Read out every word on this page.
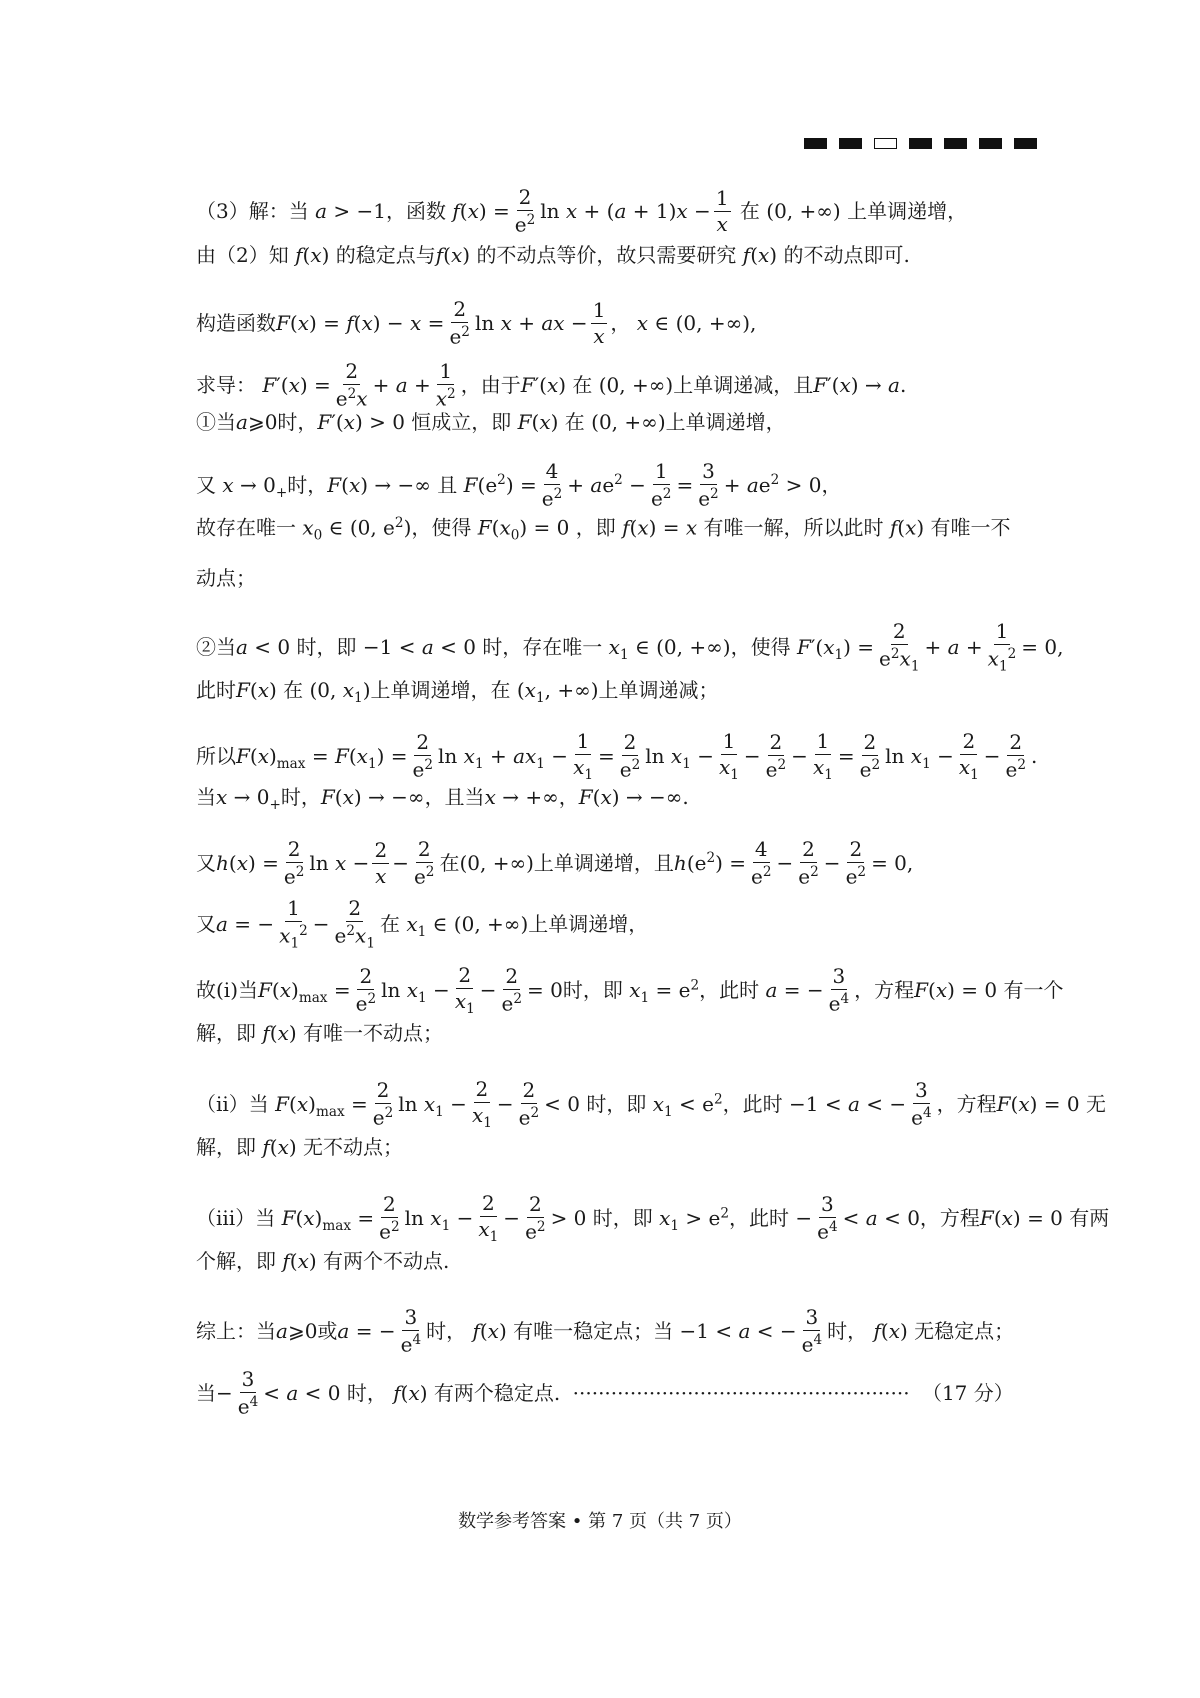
（3）解：当 a > −1，函数 $f(x) = \frac{2}{e^2}$ $\ln x + (a + 1)x - \frac{1}{x}$ 在 (0, +∞) 上单调递增，
由（2）知 f(x) 的稳定点与f(x) 的不动点等价，故只需要研究 f(x) 的不动点即可.
构造函数$F(x) = f(x) - x = \frac{2}{e^2}$ ln x + ax − $\frac{1}{x}$ ， x ∈ (0, +∞),
求导： $F'(x) = \frac{2}{e^2x} + a + \frac{1}{x^2}$ ，由于F′(x) 在 (0, +∞)上单调递减，且F′(x) → a.
①当a⩾0时，F′(x) > 0 恒成立，即 F(x) 在 (0, +∞)上单调递增，
又 $x \to 0_+$时，F(x) → −∞ 且 $F(e^2) = \frac{4}{e^2} + ae^2 - \frac{1}{e^2} = \frac{3}{e^2} + ae^2 > 0$，
故存在唯一 $x_0$ ∈ (0, $e^2$)，使得 $F(x_0) = 0$ ，即 f(x) = x 有唯一解，所以此时 f(x) 有唯一不
动点；
②当a < 0 时，即 −1 < a < 0 时，存在唯一 $x_1$ ∈ (0, +∞)，使得 $F'(x_1) = \frac{2}{e^2x_1} + a + \frac{1}{x_1^2} = 0$,
此时F(x) 在 (0, $x_1$)上单调递增，在 ($x_1$, +∞)上单调递减；
所以$F(x)_{max} = F(x_1) = \frac{2}{e^2}$ $\ln x_1 + ax_1 - \frac{1}{x_1} = \frac{2}{e^2}$ $\ln x_1 - \frac{1}{x_1} - \frac{2}{e^2} - \frac{1}{x_1} = \frac{2}{e^2}$ $\ln x_1 - \frac{2}{x_1} - \frac{2}{e^2}$ .
当$x \to 0_+$时，F(x) → −∞，且当x → +∞，F(x) → −∞.
又$h(x) = \frac{2}{e^2}$ $\ln x - \frac{2}{x} - \frac{2}{e^2}$ 在(0, +∞)上单调递增，且$h(e^2) = \frac{4}{e^2} - \frac{2}{e^2} - \frac{2}{e^2} = 0$,
又a = − $\frac{1}{x_1^2} - \frac{2}{e^2x_1}$ 在 $x_1$ ∈ (0, +∞)上单调递增，
故(ⅰ)当$F(x)_{max} = \frac{2}{e^2}$ $\ln x_1 - \frac{2}{x_1} - \frac{2}{e^2} = 0$时，即 $x_1 = e^2$，此时 a = − $\frac{3}{e^4}$ ，方程F(x) = 0 有一个
解，即 f(x) 有唯一不动点；
（ⅱ）当 $F(x)_{max} = \frac{2}{e^2}$ $\ln x_1 - \frac{2}{x_1} - \frac{2}{e^2} < 0$ 时，即 $x_1 < e^2$，此时 −1 < a < − $\frac{3}{e^4}$ ，方程F(x) = 0 无
解，即 f(x) 无不动点；
（ⅲ）当 $F(x)_{max} = \frac{2}{e^2}$ $\ln x_1 - \frac{2}{x_1} - \frac{2}{e^2} > 0$ 时，即 $x_1 > e^2$，此时 − $\frac{3}{e^4} < a < 0$，方程F(x) = 0 有两
个解，即 f(x) 有两个不动点.
综上：当a⩾0或a = − $\frac{3}{e^4}$ 时， f(x) 有唯一稳定点；当 −1 < a < − $\frac{3}{e^4}$ 时， f(x) 无稳定点；
当− $\frac{3}{e^4} < a < 0$ 时， f(x) 有两个稳定点. ····················································· （17 分）
数学参考答案 • 第 7 页（共 7 页）
